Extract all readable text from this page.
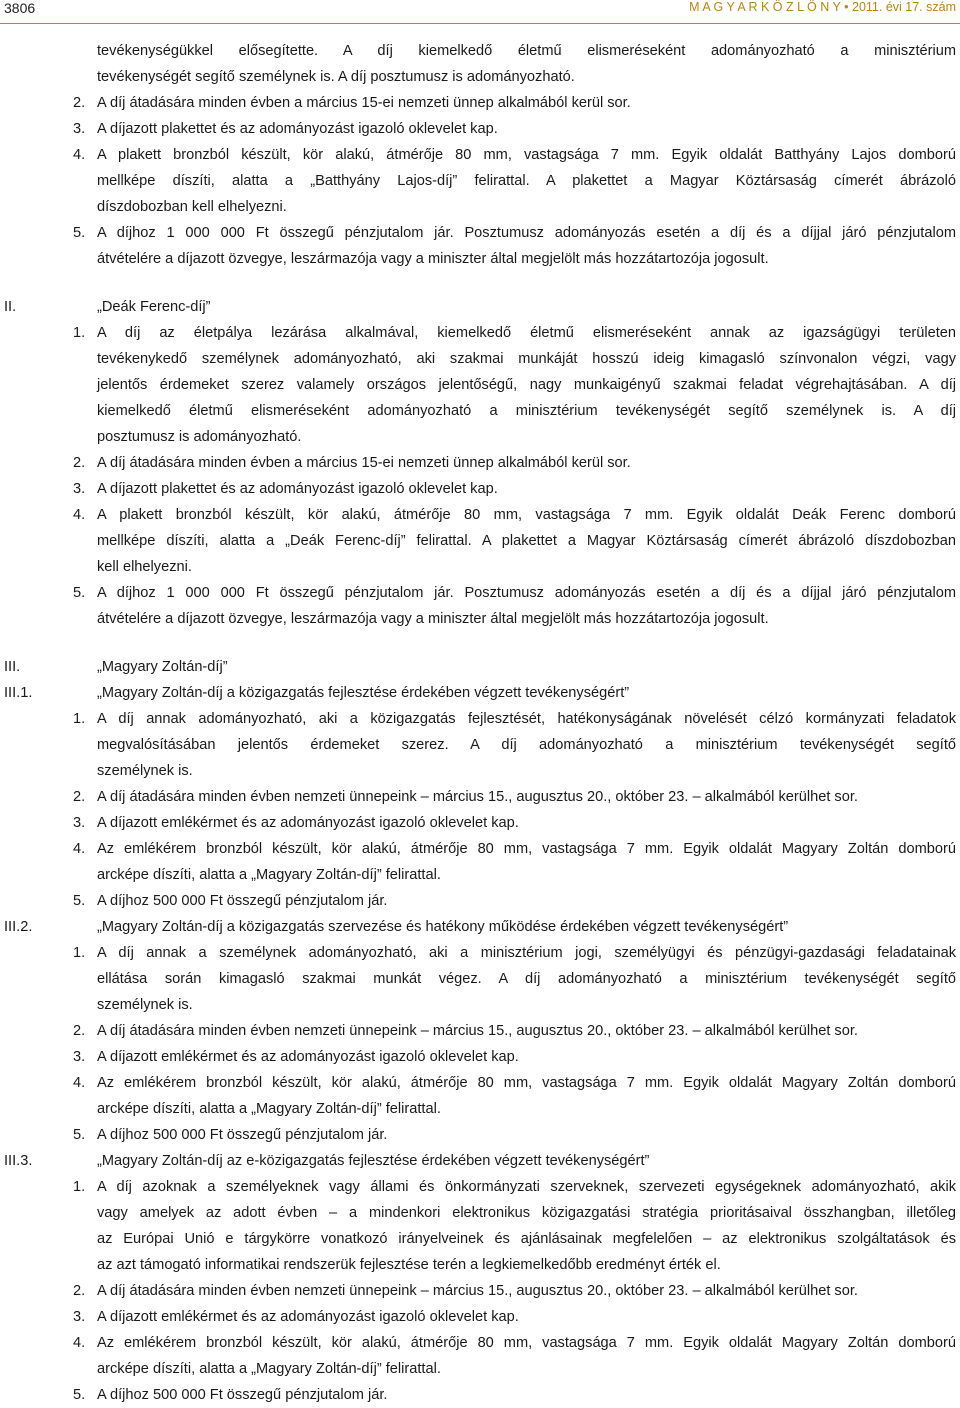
3806	M A G Y A R K Ö Z L Ö N Y • 2011. évi 17. szám
tevékenységükkel elősegítette. A díj kiemelkedő életmű elismeréseként adományozható a minisztérium
tevékenységét segítő személynek is. A díj posztumusz is adományozható.
2. A díj átadására minden évben a március 15-ei nemzeti ünnep alkalmából kerül sor.
3. A díjazott plakettet és az adományozást igazoló oklevelet kap.
4. A plakett bronzból készült, kör alakú, átmérője 80 mm, vastagsága 7 mm. Egyik oldalát Batthyány Lajos domború
mellképe díszíti, alatta a „Batthyány Lajos-díj” felirattal. A plakettet a Magyar Köztársaság címerét ábrázoló
díszdobozban kell elhelyezni.
5. A díjhoz 1 000 000 Ft összegű pénzjutalom jár. Posztumusz adományozás esetén a díj és a díjjal járó pénzjutalom
átvételére a díjazott özvegye, leszármazója vagy a miniszter által megjelölt más hozzátartozója jogosult.
II.	„Deák Ferenc-díj”
1. A díj az életpálya lezárása alkalmával, kiemelkedő életmű elismeréseként annak az igazságügyi területen
tevékenykedő személynek adományozható, aki szakmai munkáját hosszú ideig kimagasló színvonalon végzi, vagy
jelentős érdemeket szerez valamely országos jelentőségű, nagy munkaigényű szakmai feladat végrehajtásában. A díj
kiemelkedő életmű elismeréseként adományozható a minisztérium tevékenységét segítő személynek is. A díj
posztumusz is adományozható.
2. A díj átadására minden évben a március 15-ei nemzeti ünnep alkalmából kerül sor.
3. A díjazott plakettet és az adományozást igazoló oklevelet kap.
4. A plakett bronzból készült, kör alakú, átmérője 80 mm, vastagsága 7 mm. Egyik oldalát Deák Ferenc domború
mellképe díszíti, alatta a „Deák Ferenc-díj” felirattal. A plakettet a Magyar Köztársaság címerét ábrázoló díszdobozban
kell elhelyezni.
5. A díjhoz 1 000 000 Ft összegű pénzjutalom jár. Posztumusz adományozás esetén a díj és a díjjal járó pénzjutalom
átvételére a díjazott özvegye, leszármazója vagy a miniszter által megjelölt más hozzátartozója jogosult.
III.	„Magyary Zoltán-díj”
III.1.	„Magyary Zoltán-díj a közigazgatás fejlesztése érdekében végzett tevékenységért”
1. A díj annak adományozható, aki a közigazgatás fejlesztését, hatékonyságának növelését célzó kormányzati feladatok
megvalósításában jelentős érdemeket szerez. A díj adományozható a minisztérium tevékenységét segítő
személynek is.
2. A díj átadására minden évben nemzeti ünnepeink – március 15., augusztus 20., október 23. – alkalmából kerülhet sor.
3. A díjazott emlékérmet és az adományozást igazoló oklevelet kap.
4. Az emlékérem bronzból készült, kör alakú, átmérője 80 mm, vastagsága 7 mm. Egyik oldalát Magyary Zoltán domború
arcképe díszíti, alatta a „Magyary Zoltán-díj” felirattal.
5. A díjhoz 500 000 Ft összegű pénzjutalom jár.
III.2.	„Magyary Zoltán-díj a közigazgatás szervezése és hatékony működése érdekében végzett tevékenységért”
1. A díj annak a személynek adományozható, aki a minisztérium jogi, személyügyi és pénzügyi-gazdasági feladatainak
ellátása során kimagasló szakmai munkát végez. A díj adományozható a minisztérium tevékenységét segítő
személynek is.
2. A díj átadására minden évben nemzeti ünnepeink – március 15., augusztus 20., október 23. – alkalmából kerülhet sor.
3. A díjazott emlékérmet és az adományozást igazoló oklevelet kap.
4. Az emlékérem bronzból készült, kör alakú, átmérője 80 mm, vastagsága 7 mm. Egyik oldalát Magyary Zoltán domború
arcképe díszíti, alatta a „Magyary Zoltán-díj” felirattal.
5. A díjhoz 500 000 Ft összegű pénzjutalom jár.
III.3.	„Magyary Zoltán-díj az e-közigazgatás fejlesztése érdekében végzett tevékenységért”
1. A díj azoknak a személyeknek vagy állami és önkormányzati szerveknek, szervezeti egységeknek adományozható, akik
vagy amelyek az adott évben – a mindenkori elektronikus közigazgatási stratégia prioritásaival összhangban, illetőleg
az Európai Unió e tárgykörre vonatkozó irányelveinek és ajánlásainak megfelelően – az elektronikus szolgáltatások és
az azt támogató informatikai rendszerük fejlesztése terén a legkiemelkedőbb eredményt érték el.
2. A díj átadására minden évben nemzeti ünnepeink – március 15., augusztus 20., október 23. – alkalmából kerülhet sor.
3. A díjazott emlékérmet és az adományozást igazoló oklevelet kap.
4. Az emlékérem bronzból készült, kör alakú, átmérője 80 mm, vastagsága 7 mm. Egyik oldalát Magyary Zoltán domború
arcképe díszíti, alatta a „Magyary Zoltán-díj” felirattal.
5. A díjhoz 500 000 Ft összegű pénzjutalom jár.
